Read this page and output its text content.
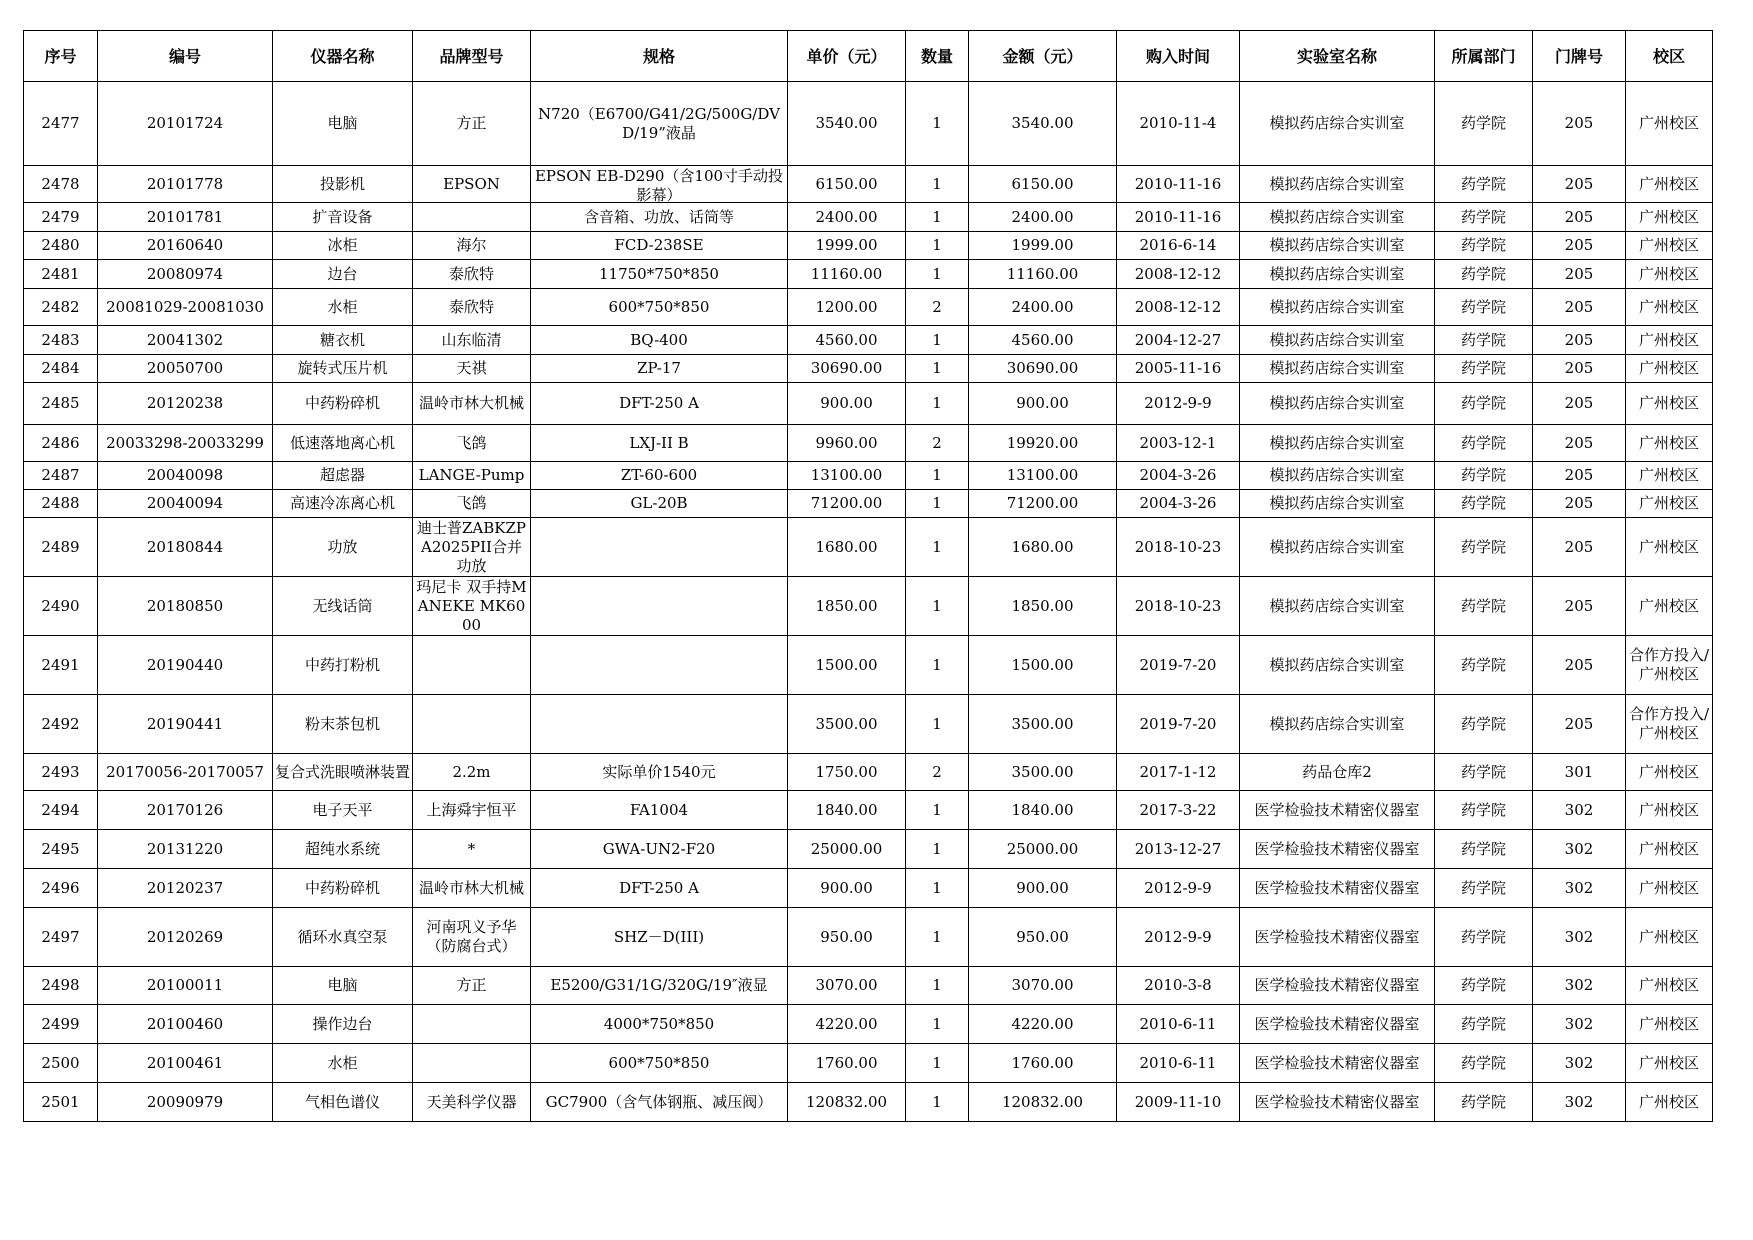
序号	编号	仪器名称	品牌型号	规格	单价（元）	数量	金额（元）	购入时间	实验室名称	所属部门	门牌号	校区

2477	20101724	电脑	方正	N720（E6700/G41/2G/500G/DVD/19”液晶	3540.00	1	3540.00	2010-11-4	模拟药店综合实训室	药学院	205	广州校区

2478	20101778	投影机	EPSON	EPSON EB-D290（含100寸手动投影幕）	6150.00	1	6150.00	2010-11-16	模拟药店综合实训室	药学院	205	广州校区

2479	20101781	扩音设备		含音箱、功放、话筒等	2400.00	1	2400.00	2010-11-16	模拟药店综合实训室	药学院	205	广州校区

2480	20160640	冰柜	海尔	FCD-238SE	1999.00	1	1999.00	2016-6-14	模拟药店综合实训室	药学院	205	广州校区

2481	20080974	边台	泰欣特	11750*750*850	11160.00	1	11160.00	2008-12-12	模拟药店综合实训室	药学院	205	广州校区

2482	20081029-20081030	水柜	泰欣特	600*750*850	1200.00	2	2400.00	2008-12-12	模拟药店综合实训室	药学院	205	广州校区

2483	20041302	糖衣机	山东临清	BQ-400	4560.00	1	4560.00	2004-12-27	模拟药店综合实训室	药学院	205	广州校区

2484	20050700	旋转式压片机	天祺	ZP-17	30690.00	1	30690.00	2005-11-16	模拟药店综合实训室	药学院	205	广州校区

2485	20120238	中药粉碎机	温岭市林大机械	DFT-250 A	900.00	1	900.00	2012-9-9	模拟药店综合实训室	药学院	205	广州校区

2486	20033298-20033299	低速落地离心机	飞鸽	LXJ-II B	9960.00	2	19920.00	2003-12-1	模拟药店综合实训室	药学院	205	广州校区

2487	20040098	超虑器	LANGE-Pump	ZT-60-600	13100.00	1	13100.00	2004-3-26	模拟药店综合实训室	药学院	205	广州校区

2488	20040094	高速冷冻离心机	飞鸽	GL-20B	71200.00	1	71200.00	2004-3-26	模拟药店综合实训室	药学院	205	广州校区

2489	20180844	功放	迪士普ZABKZPA2025PII合并功放		1680.00	1	1680.00	2018-10-23	模拟药店综合实训室	药学院	205	广州校区

2490	20180850	无线话筒	玛尼卡 双手持MANEKE MK6000		1850.00	1	1850.00	2018-10-23	模拟药店综合实训室	药学院	205	广州校区

2491	20190440	中药打粉机			1500.00	1	1500.00	2019-7-20	模拟药店综合实训室	药学院	205	合作方投入/广州校区

2492	20190441	粉末茶包机			3500.00	1	3500.00	2019-7-20	模拟药店综合实训室	药学院	205	合作方投入/广州校区

2493	20170056-20170057	复合式洗眼喷淋装置	2.2m	实际单价1540元	1750.00	2	3500.00	2017-1-12	药品仓库2	药学院	301	广州校区

2494	20170126	电子天平	上海舜宇恒平	FA1004	1840.00	1	1840.00	2017-3-22	医学检验技术精密仪器室	药学院	302	广州校区

2495	20131220	超纯水系统	*	GWA-UN2-F20	25000.00	1	25000.00	2013-12-27	医学检验技术精密仪器室	药学院	302	广州校区

2496	20120237	中药粉碎机	温岭市林大机械	DFT-250 A	900.00	1	900.00	2012-9-9	医学检验技术精密仪器室	药学院	302	广州校区

2497	20120269	循环水真空泵	河南巩义予华（防腐台式）	SHZ－D(III)	950.00	1	950.00	2012-9-9	医学检验技术精密仪器室	药学院	302	广州校区

2498	20100011	电脑	方正	E5200/G31/1G/320G/19″液显	3070.00	1	3070.00	2010-3-8	医学检验技术精密仪器室	药学院	302	广州校区

2499	20100460	操作边台		4000*750*850	4220.00	1	4220.00	2010-6-11	医学检验技术精密仪器室	药学院	302	广州校区

2500	20100461	水柜		600*750*850	1760.00	1	1760.00	2010-6-11	医学检验技术精密仪器室	药学院	302	广州校区

2501	20090979	气相色谱仪	天美科学仪器	GC7900（含气体钢瓶、减压阀）	120832.00	1	120832.00	2009-11-10	医学检验技术精密仪器室	药学院	302	广州校区
